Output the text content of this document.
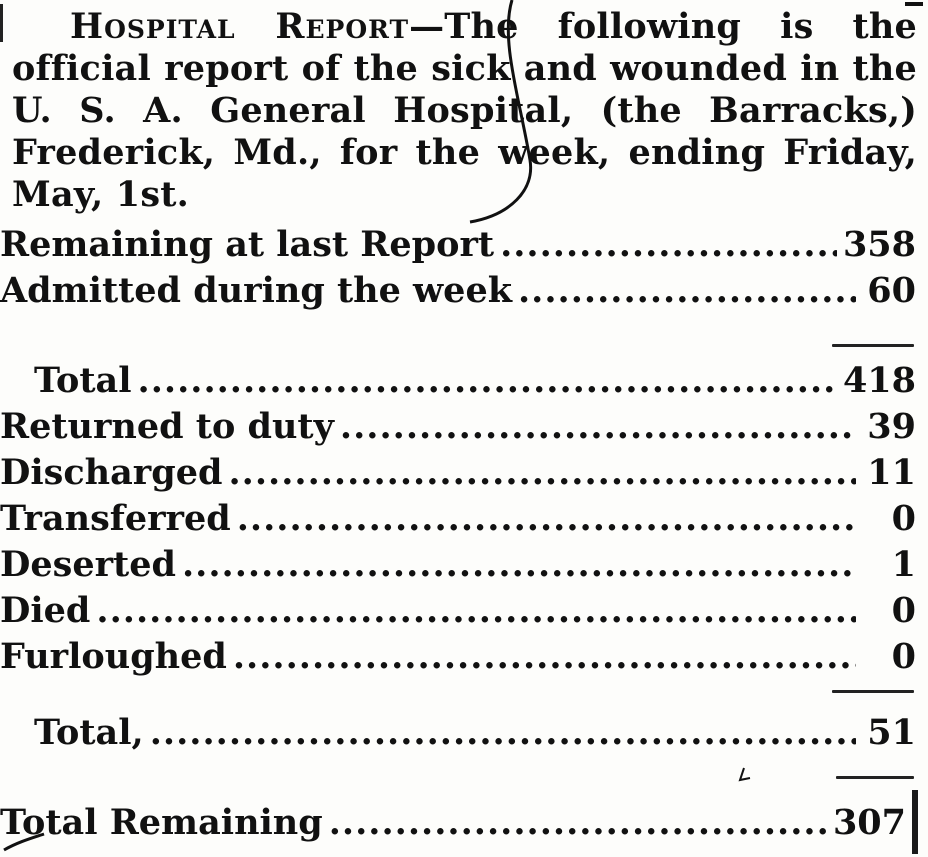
Hospital Report—The following is the official report of the sick and wounded in the U. S. A. General Hospital, (the Barracks,) Frederick, Md., for the week, ending Friday, May, 1st.
Remaining at last Report .....	358
Admitted during the week .....	60
Total .....	418
Returned to duty .....	39
Discharged .....	11
Transferred .....	0
Deserted .....	1
Died .....	0
Furloughed .....	0
Total, .....	51
Total Remaining .....	307
